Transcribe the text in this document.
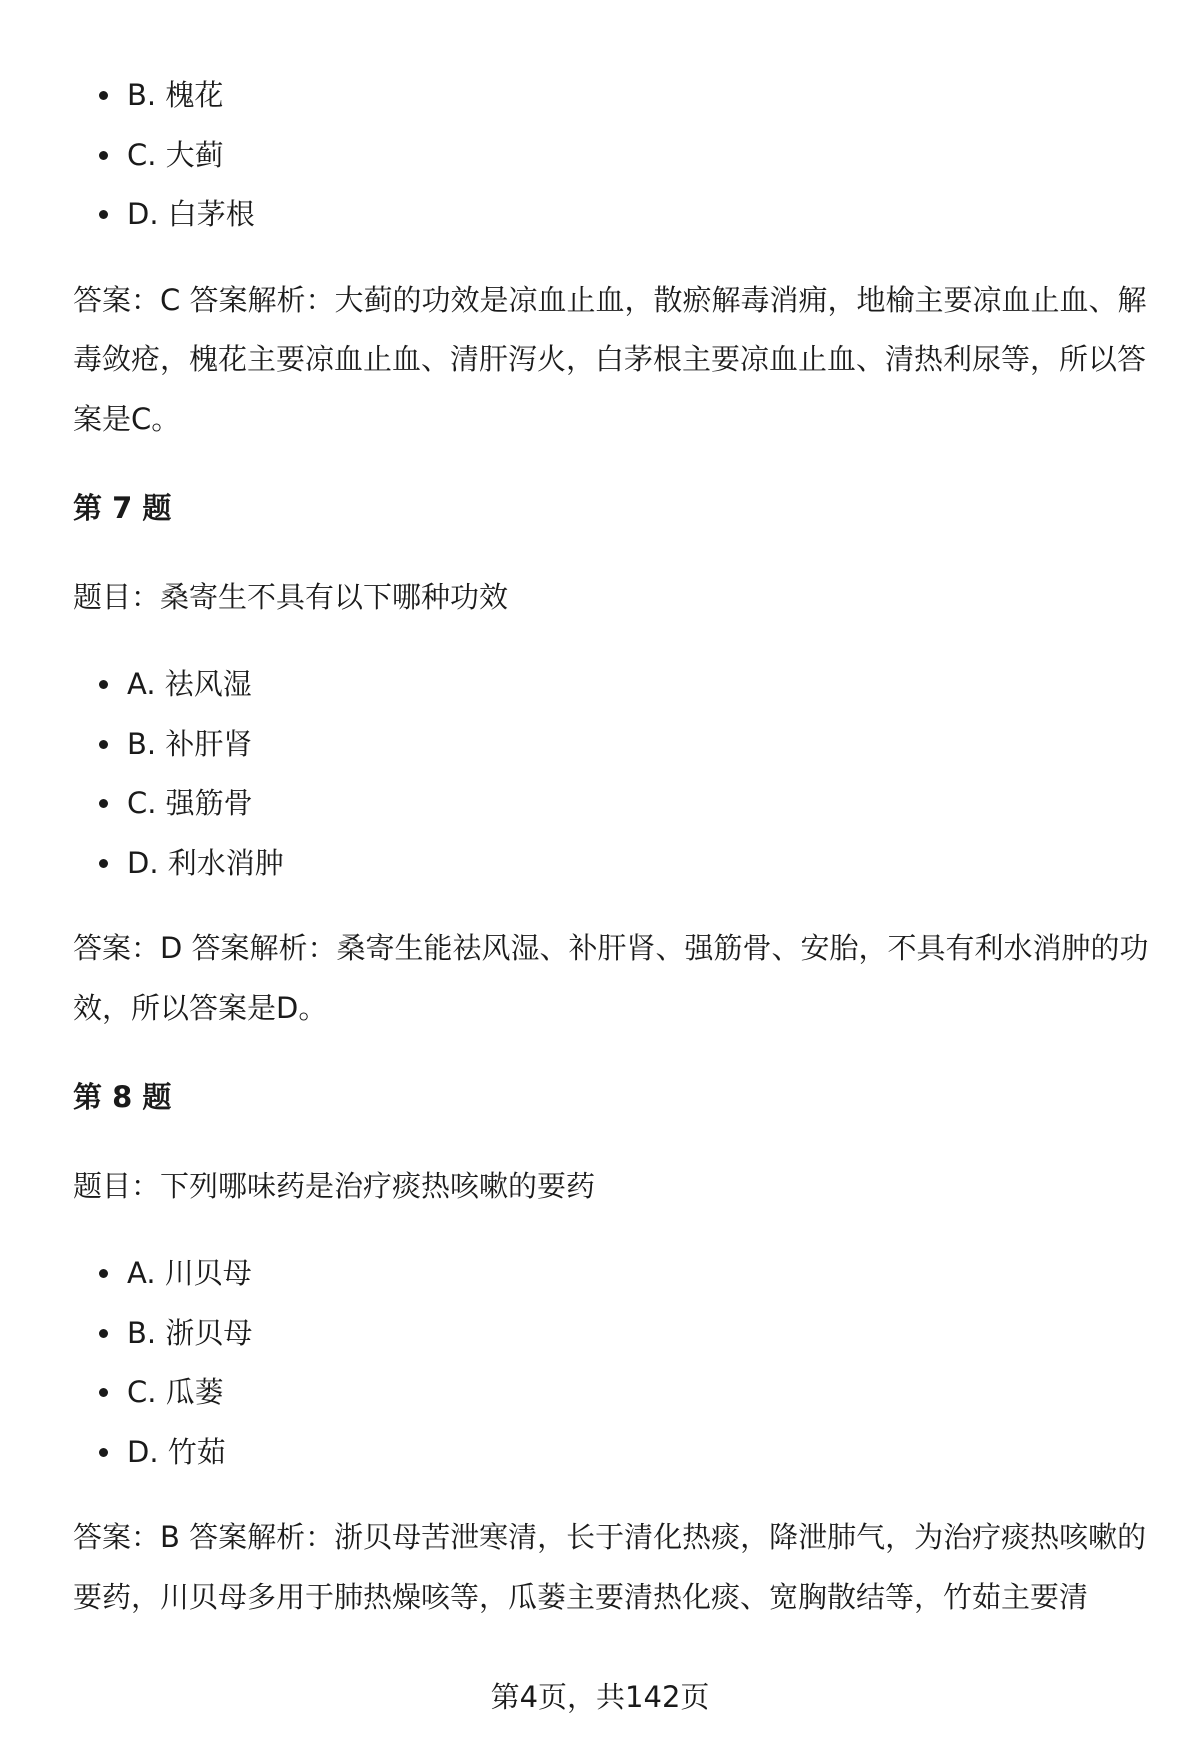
B. 槐花
C. 大蓟
D. 白茅根

答案：C 答案解析：大蓟的功效是凉血止血，散瘀解毒消痈，地榆主要凉血止血、解毒敛疮，槐花主要凉血止血、清肝泻火，白茅根主要凉血止血、清热利尿等，所以答案是C。

第 7 题

题目：桑寄生不具有以下哪种功效

A. 祛风湿
B. 补肝肾
C. 强筋骨
D. 利水消肿

答案：D 答案解析：桑寄生能祛风湿、补肝肾、强筋骨、安胎，不具有利水消肿的功效，所以答案是D。

第 8 题

题目：下列哪味药是治疗痰热咳嗽的要药

A. 川贝母
B. 浙贝母
C. 瓜蒌
D. 竹茹

答案：B 答案解析：浙贝母苦泄寒清，长于清化热痰，降泄肺气，为治疗痰热咳嗽的要药，川贝母多用于肺热燥咳等，瓜蒌主要清热化痰、宽胸散结等，竹茹主要清

第4页，共142页
